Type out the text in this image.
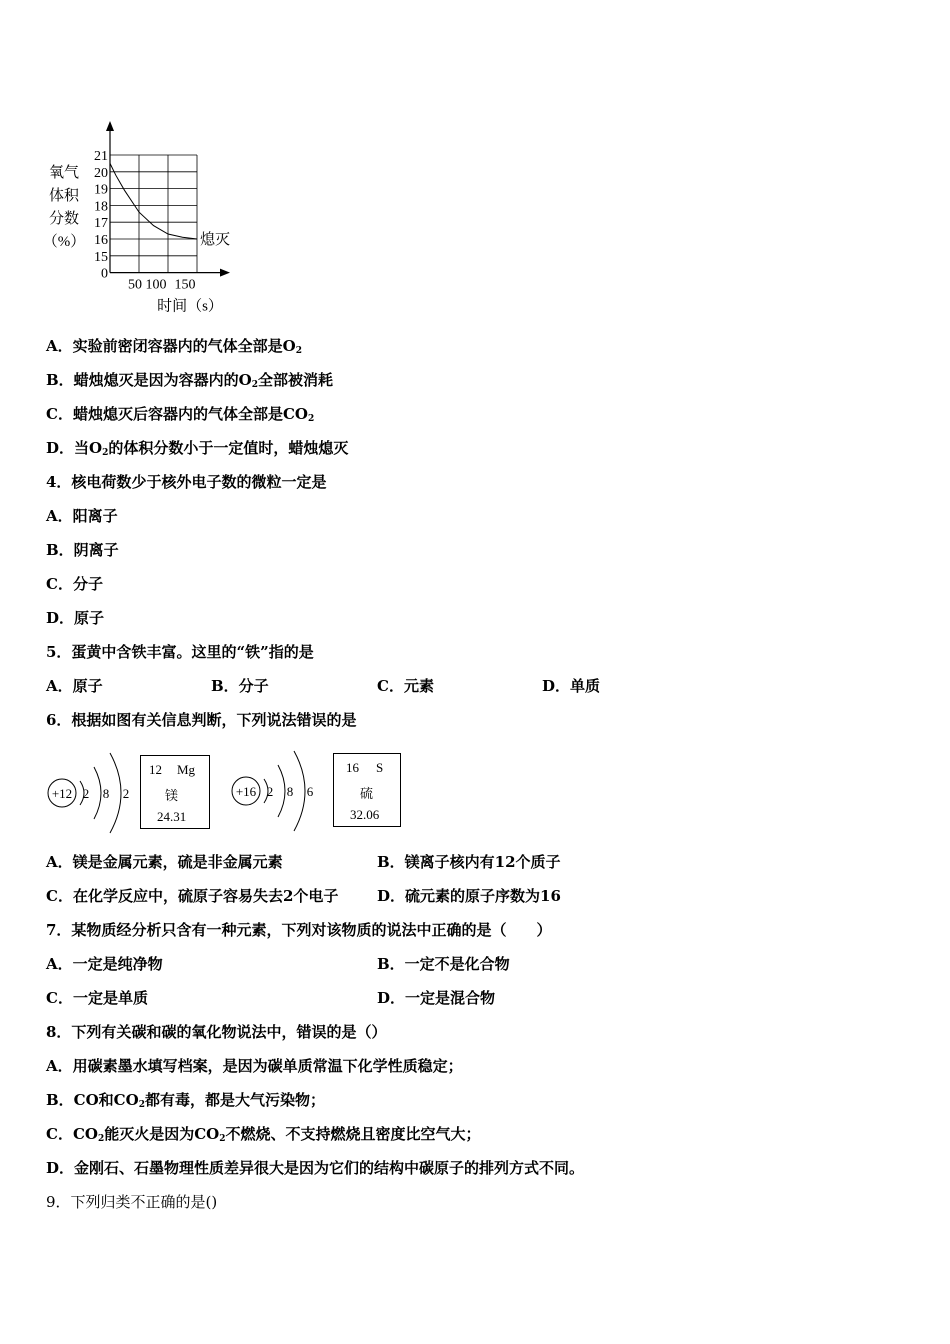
21
20
19
18
17
16
15
0
50 100 150
时间（s）
氧气
体积
分数
（%）	熄灭
A．实验前密闭容器内的气体全部是$O_2$
B．蜡烛熄灭是因为容器内的$O_2$全部被消耗
C．蜡烛熄灭后容器内的气体全部是$CO_2$
D．当$O_2$的体积分数小于一定值时，蜡烛熄灭
4．核电荷数少于核外电子数的微粒一定是
A．阳离子
B．阴离子
C．分子
D．原子
5．蛋黄中含铁丰富。这里的“铁”指的是
A．原子	B．分子	C．元素	D．单质
6．根据如图有关信息判断，下列说法错误的是
+12 2 8 2
12 Mg
镁
24.31
+16 2 8 6
16 S
硫
32.06
A．镁是金属元素，硫是非金属元素	B．镁离子核内有12个质子
C．在化学反应中，硫原子容易失去2个电子	D．硫元素的原子序数为16
7．某物质经分析只含有一种元素，下列对该物质的说法中正确的是（　　）
A．一定是纯净物	B．一定不是化合物
C．一定是单质	D．一定是混合物
8．下列有关碳和碳的氧化物说法中，错误的是（）
A．用碳素墨水填写档案，是因为碳单质常温下化学性质稳定；
B．CO和$CO_2$都有毒，都是大气污染物；
C．$CO_2$能灭火是因为$CO_2$不燃烧、不支持燃烧且密度比空气大；
D．金刚石、石墨物理性质差异很大是因为它们的结构中碳原子的排列方式不同。
9．下列归类不正确的是()
